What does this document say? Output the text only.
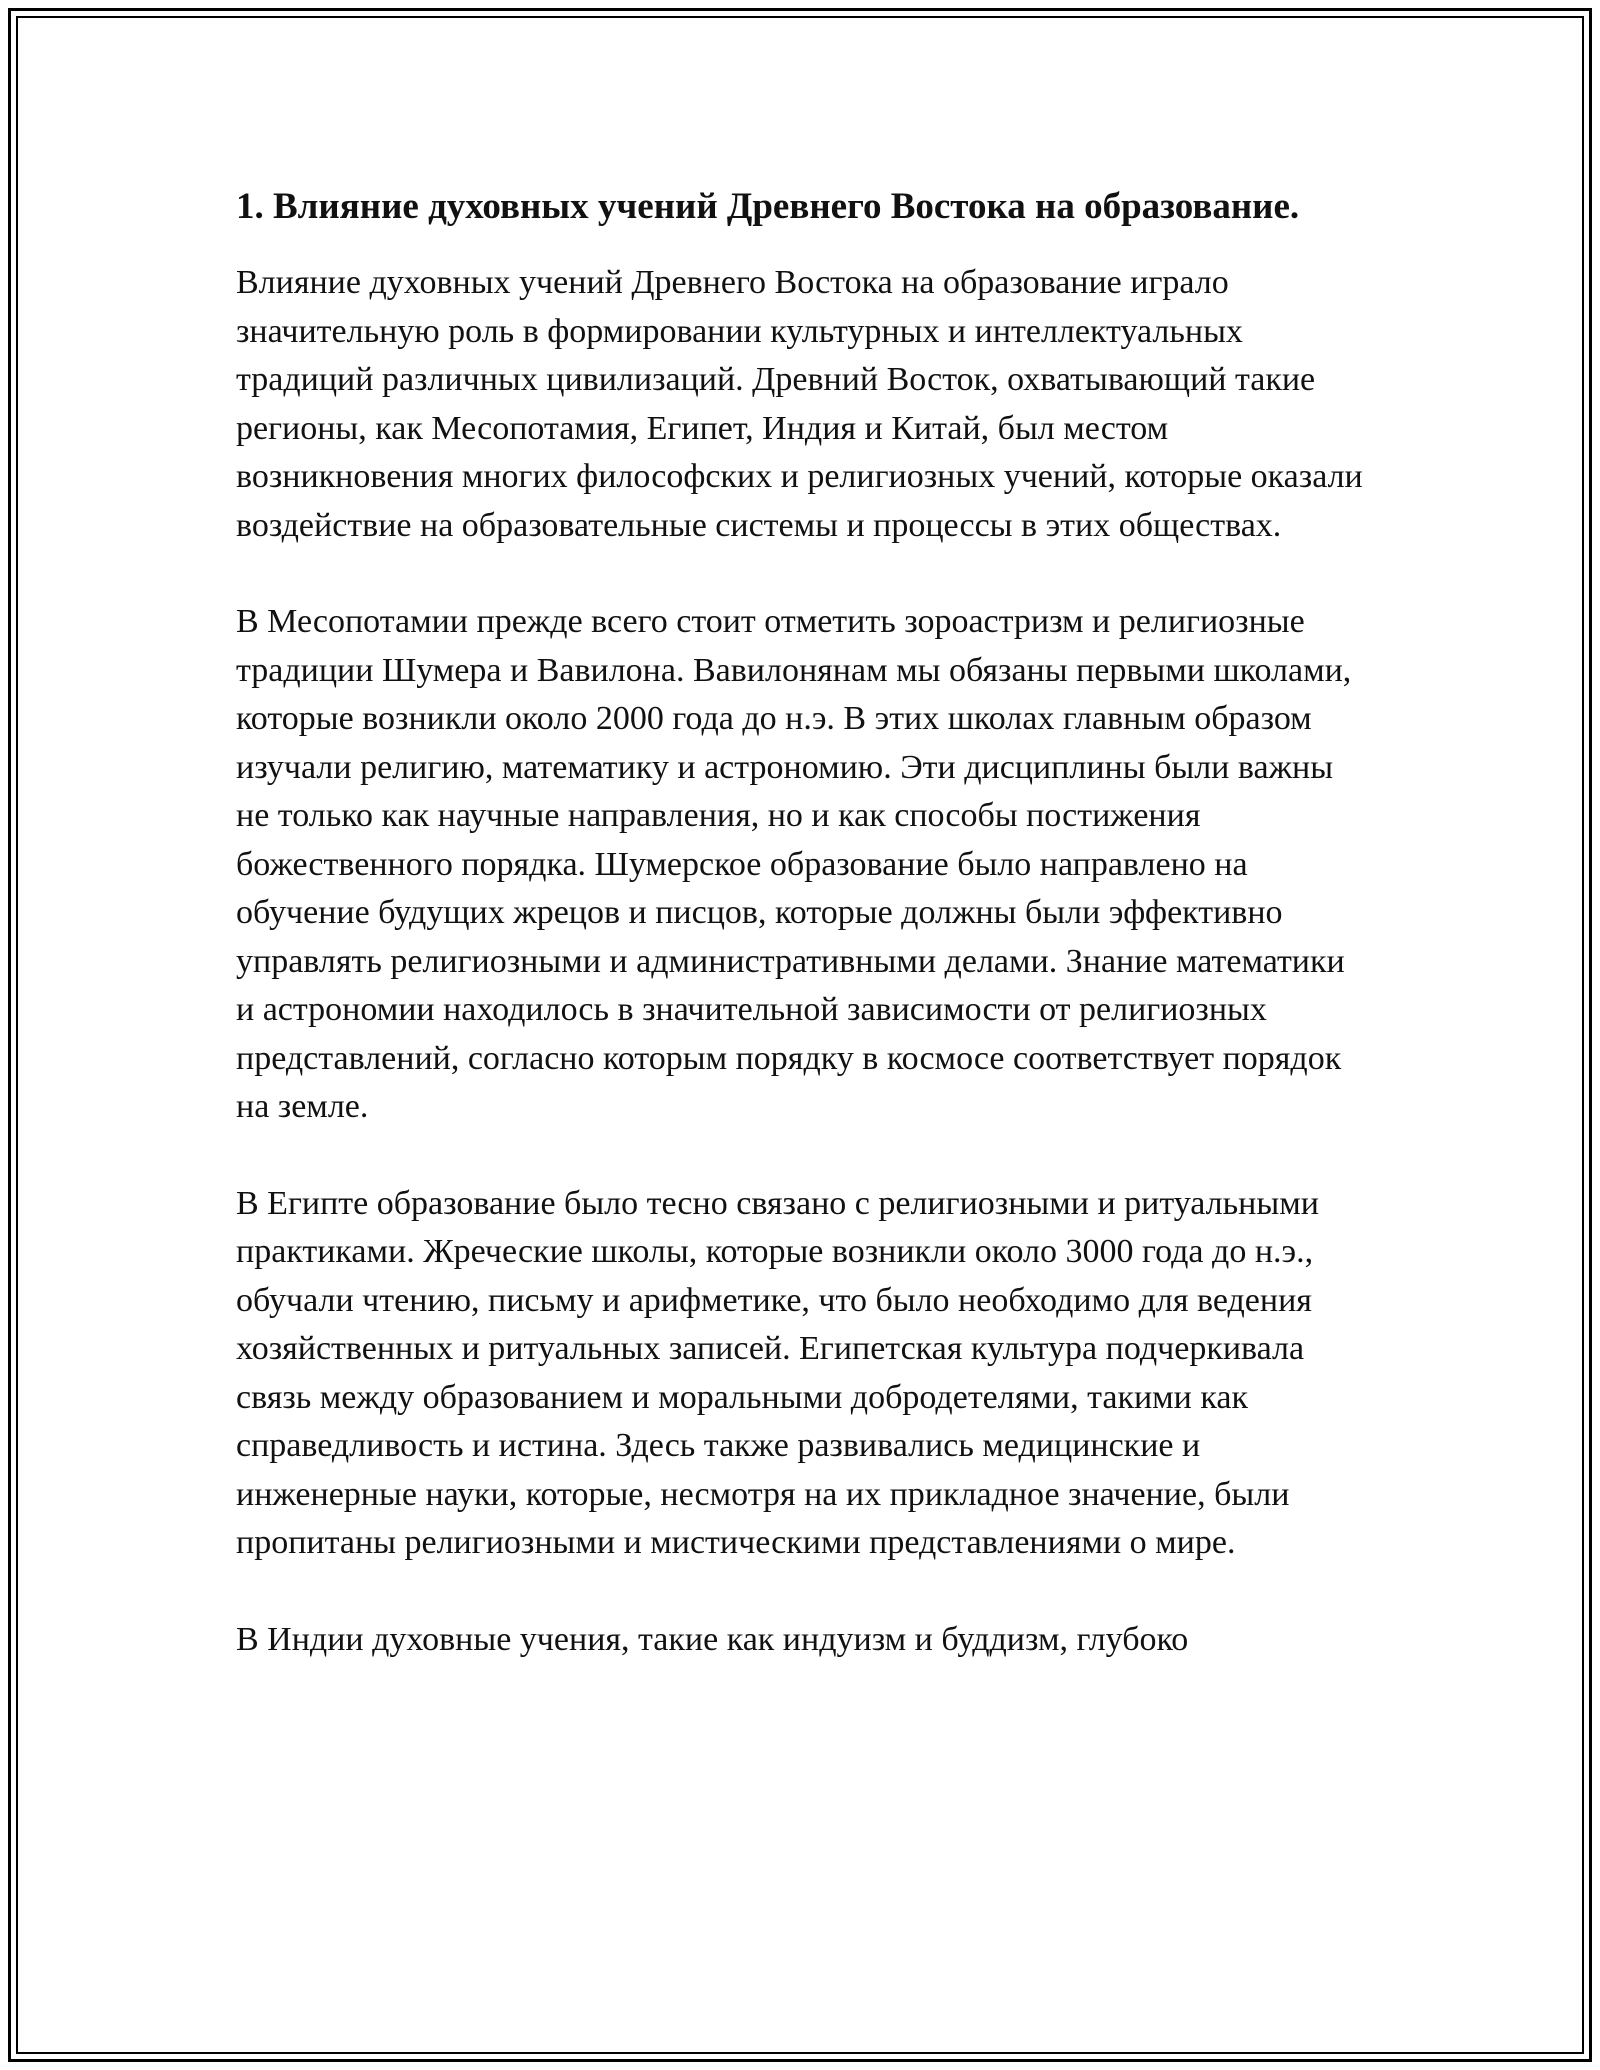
1. Влияние духовных учений Древнего Востока на образование.

Влияние духовных учений Древнего Востока на образование играло значительную роль в формировании культурных и интеллектуальных традиций различных цивилизаций. Древний Восток, охватывающий такие регионы, как Месопотамия, Египет, Индия и Китай, был местом возникновения многих философских и религиозных учений, которые оказали воздействие на образовательные системы и процессы в этих обществах.

В Месопотамии прежде всего стоит отметить зороастризм и религиозные традиции Шумера и Вавилона. Вавилонянам мы обязаны первыми школами, которые возникли около 2000 года до н.э. В этих школах главным образом изучали религию, математику и астрономию. Эти дисциплины были важны не только как научные направления, но и как способы постижения божественного порядка. Шумерское образование было направлено на обучение будущих жрецов и писцов, которые должны были эффективно управлять религиозными и административными делами. Знание математики и астрономии находилось в значительной зависимости от религиозных представлений, согласно которым порядку в космосе соответствует порядок на земле.

В Египте образование было тесно связано с религиозными и ритуальными практиками. Жреческие школы, которые возникли около 3000 года до н.э., обучали чтению, письму и арифметике, что было необходимо для ведения хозяйственных и ритуальных записей. Египетская культура подчеркивала связь между образованием и моральными добродетелями, такими как справедливость и истина. Здесь также развивались медицинские и инженерные науки, которые, несмотря на их прикладное значение, были пропитаны религиозными и мистическими представлениями о мире.

В Индии духовные учения, такие как индуизм и буддизм, глубоко
